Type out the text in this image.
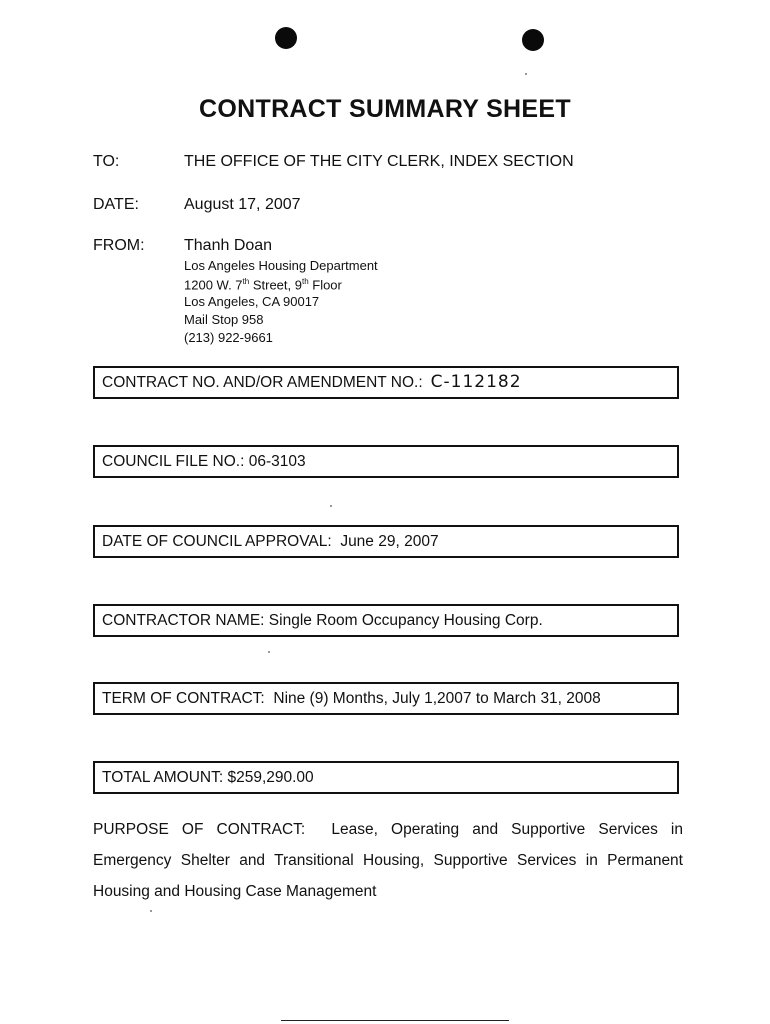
CONTRACT SUMMARY SHEET
TO:	THE OFFICE OF THE CITY CLERK, INDEX SECTION
DATE:	August 17, 2007
FROM: Thanh Doan
Los Angeles Housing Department
1200 W. 7th Street, 9th Floor
Los Angeles, CA 90017
Mail Stop 958
(213) 922-9661
CONTRACT NO. AND/OR AMENDMENT NO.: C-112182
COUNCIL FILE NO.: 06-3103
DATE OF COUNCIL APPROVAL: June 29, 2007
CONTRACTOR NAME: Single Room Occupancy Housing Corp.
TERM OF CONTRACT: Nine (9) Months, July 1,2007 to March 31, 2008
TOTAL AMOUNT: $259,290.00

PURPOSE OF CONTRACT: Lease, Operating and Supportive Services in Emergency Shelter and Transitional Housing, Supportive Services in Permanent Housing and Housing Case Management
